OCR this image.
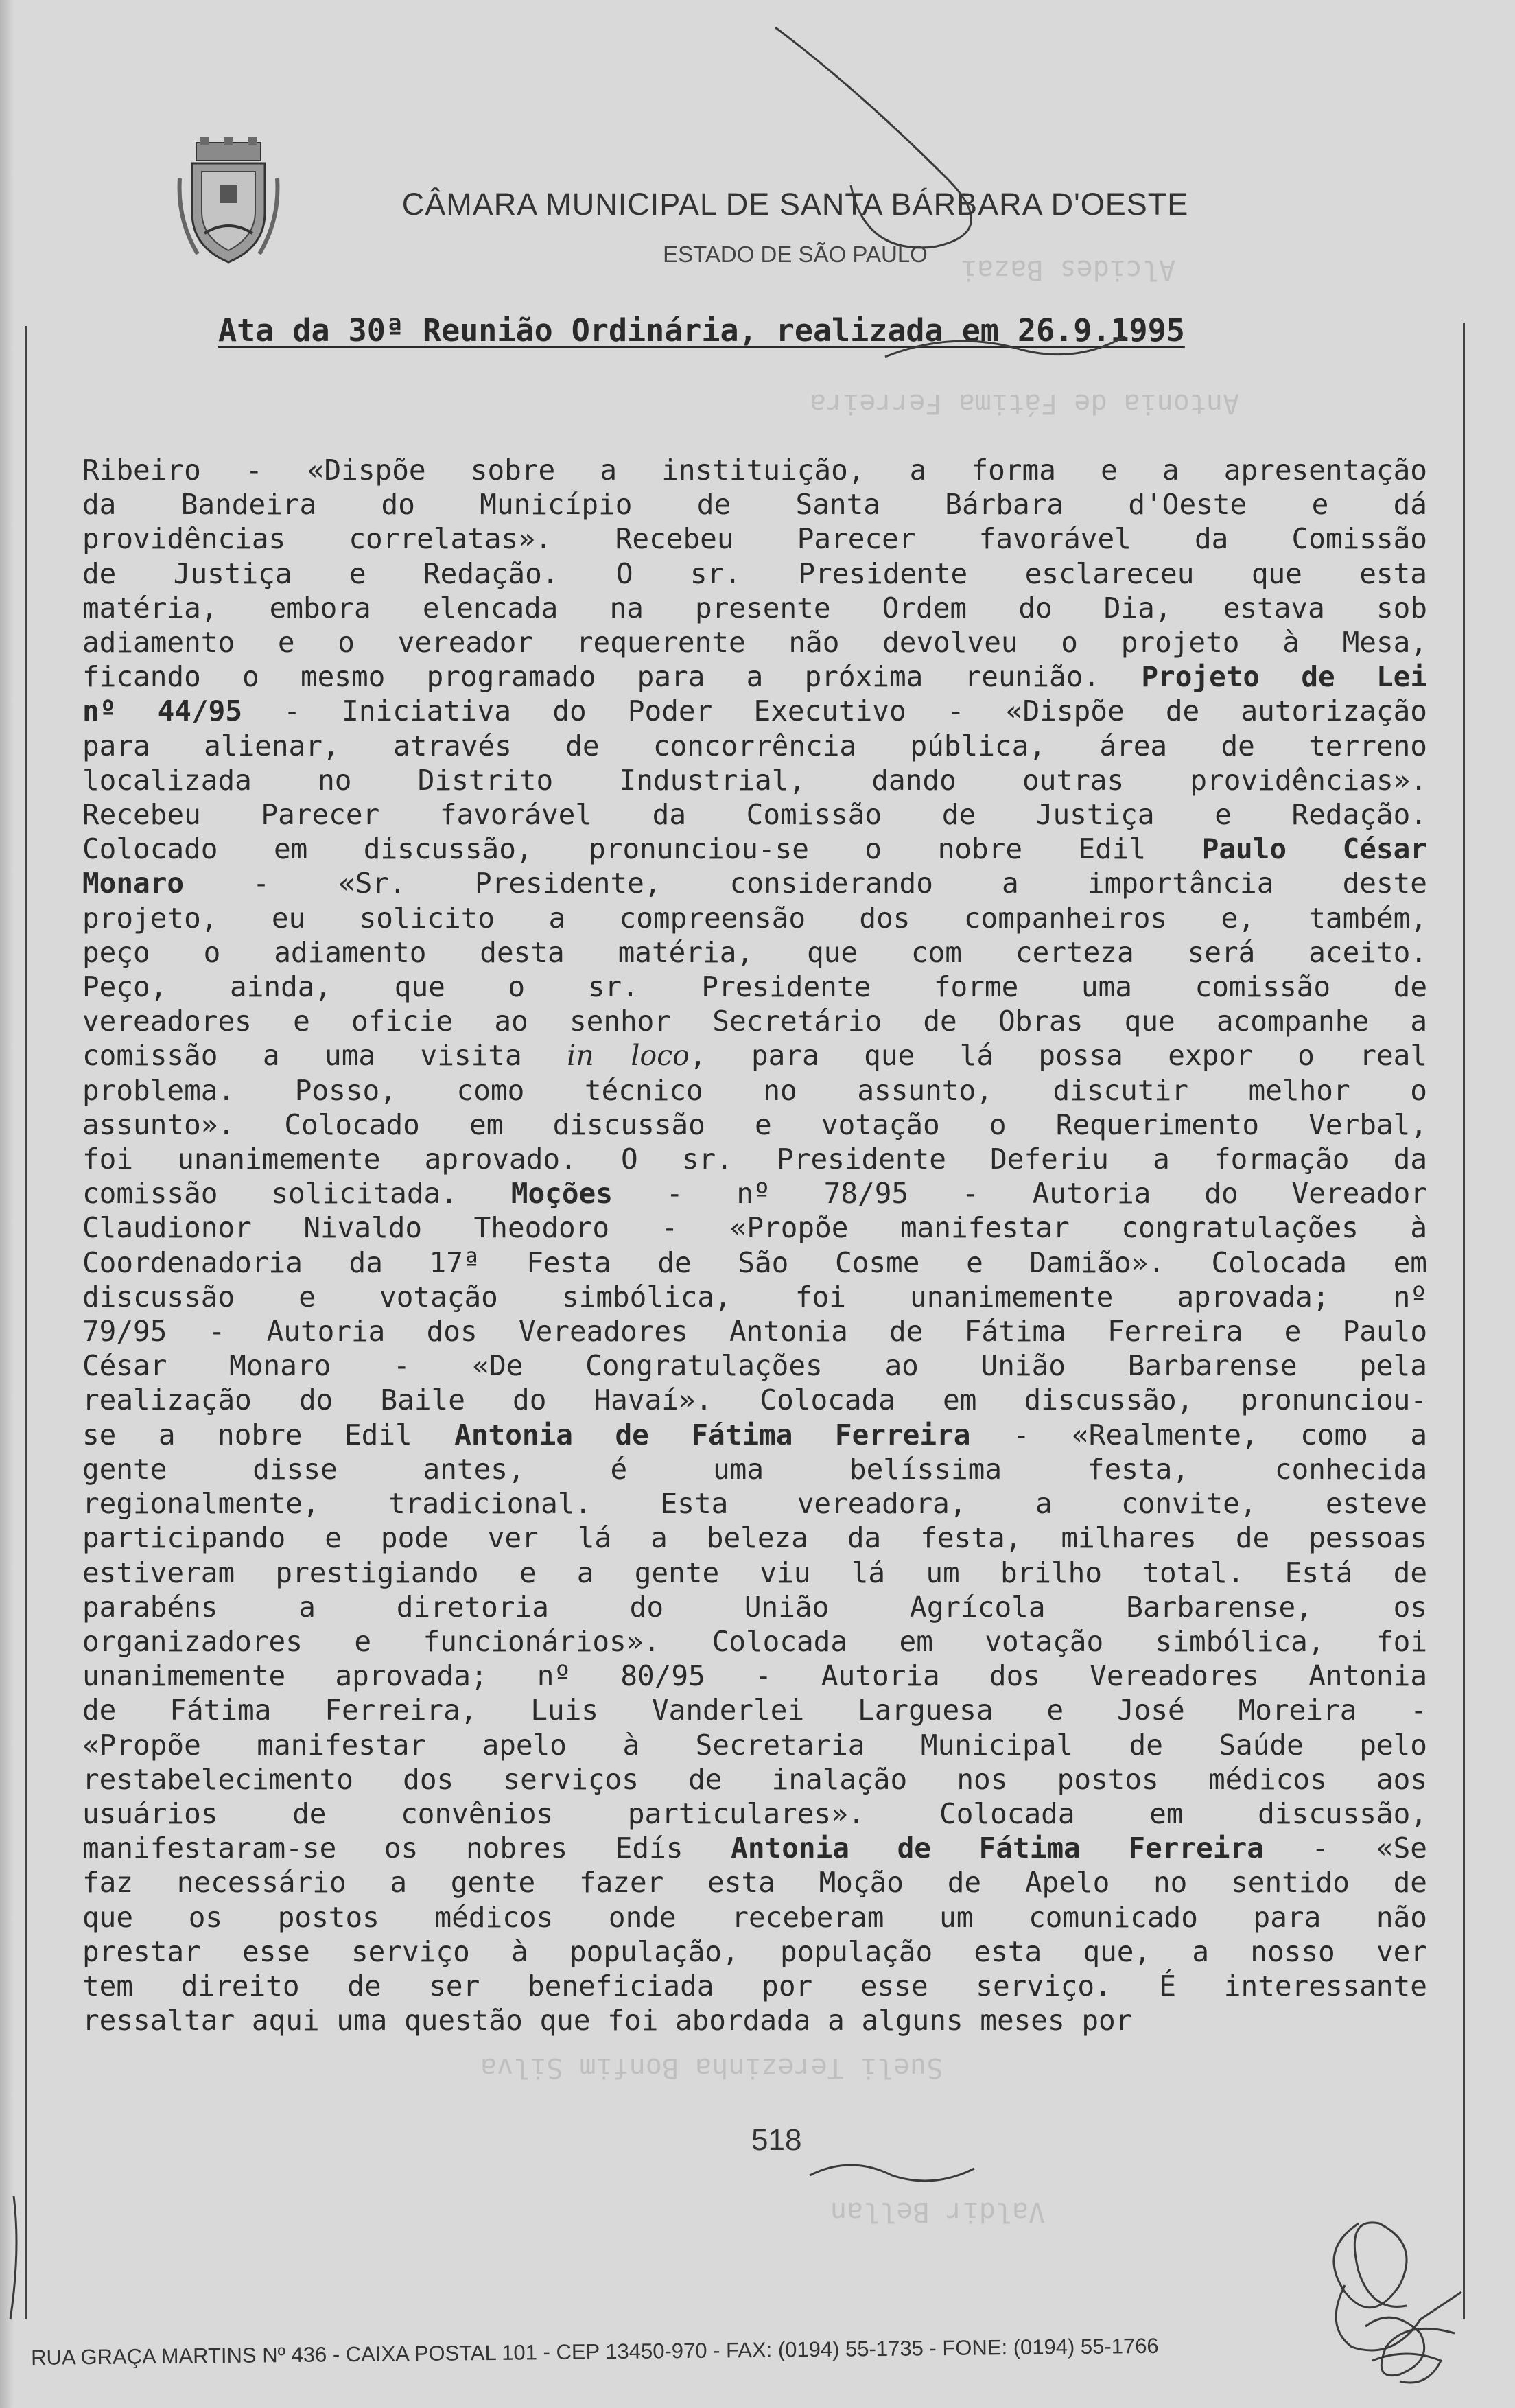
CÂMARA MUNICIPAL DE SANTA BÁRBARA D'OESTE
ESTADO DE SÃO PAULO
Ata da 30ª Reunião Ordinária, realizada em 26.9.1995
Alcides Bazai
Antonia de Fátima Ferreira
Sueli Terezinha Bonfim Silva
Valdir Bellan

Ribeiro - «Dispõe sobre a instituição, a forma e a apresentação

da Bandeira do Município de Santa Bárbara d'Oeste e dá

providências correlatas». Recebeu Parecer favorável da Comissão

de Justiça e Redação. O sr. Presidente esclareceu que esta

matéria, embora elencada na presente Ordem do Dia, estava sob

adiamento e o vereador requerente não devolveu o projeto à Mesa,

ficando o mesmo programado para a próxima reunião. Projeto de Lei

nº 44/95 - Iniciativa do Poder Executivo - «Dispõe de autorização

para alienar, através de concorrência pública, área de terreno

localizada no Distrito Industrial, dando outras providências».

Recebeu Parecer favorável da Comissão de Justiça e Redação.

Colocado em discussão, pronunciou-se o nobre Edil Paulo César

Monaro - «Sr. Presidente, considerando a importância deste

projeto, eu solicito a compreensão dos companheiros e, também,

peço o adiamento desta matéria, que com certeza será aceito.

Peço, ainda, que o sr. Presidente forme uma comissão de

vereadores e oficie ao senhor Secretário de Obras que acompanhe a

comissão a uma visita in loco, para que lá possa expor o real

problema. Posso, como técnico no assunto, discutir melhor o

assunto». Colocado em discussão e votação o Requerimento Verbal,

foi unanimemente aprovado. O sr. Presidente Deferiu a formação da

comissão solicitada. Moções - nº 78/95 - Autoria do Vereador

Claudionor Nivaldo Theodoro - «Propõe manifestar congratulações à

Coordenadoria da 17ª Festa de São Cosme e Damião». Colocada em

discussão e votação simbólica, foi unanimemente aprovada; nº

79/95 - Autoria dos Vereadores Antonia de Fátima Ferreira e Paulo

César Monaro - «De Congratulações ao União Barbarense pela

realização do Baile do Havaí». Colocada em discussão, pronunciou-

se a nobre Edil Antonia de Fátima Ferreira - «Realmente, como a

gente disse antes, é uma belíssima festa, conhecida

regionalmente, tradicional. Esta vereadora, a convite, esteve

participando e pode ver lá a beleza da festa, milhares de pessoas

estiveram prestigiando e a gente viu lá um brilho total. Está de

parabéns a diretoria do União Agrícola Barbarense, os

organizadores e funcionários». Colocada em votação simbólica, foi

unanimemente aprovada; nº 80/95 - Autoria dos Vereadores Antonia

de Fátima Ferreira, Luis Vanderlei Larguesa e José Moreira -

«Propõe manifestar apelo à Secretaria Municipal de Saúde pelo

restabelecimento dos serviços de inalação nos postos médicos aos

usuários de convênios particulares». Colocada em discussão,

manifestaram-se os nobres Edís Antonia de Fátima Ferreira - «Se

faz necessário a gente fazer esta Moção de Apelo no sentido de

que os postos médicos onde receberam um comunicado para não

prestar esse serviço à população, população esta que, a nosso ver

tem direito de ser beneficiada por esse serviço. É interessante

ressaltar aqui uma questão que foi abordada a alguns meses por

518
RUA GRAÇA MARTINS Nº 436 - CAIXA POSTAL 101 - CEP 13450-970 - FAX: (0194) 55-1735 - FONE: (0194) 55-1766
